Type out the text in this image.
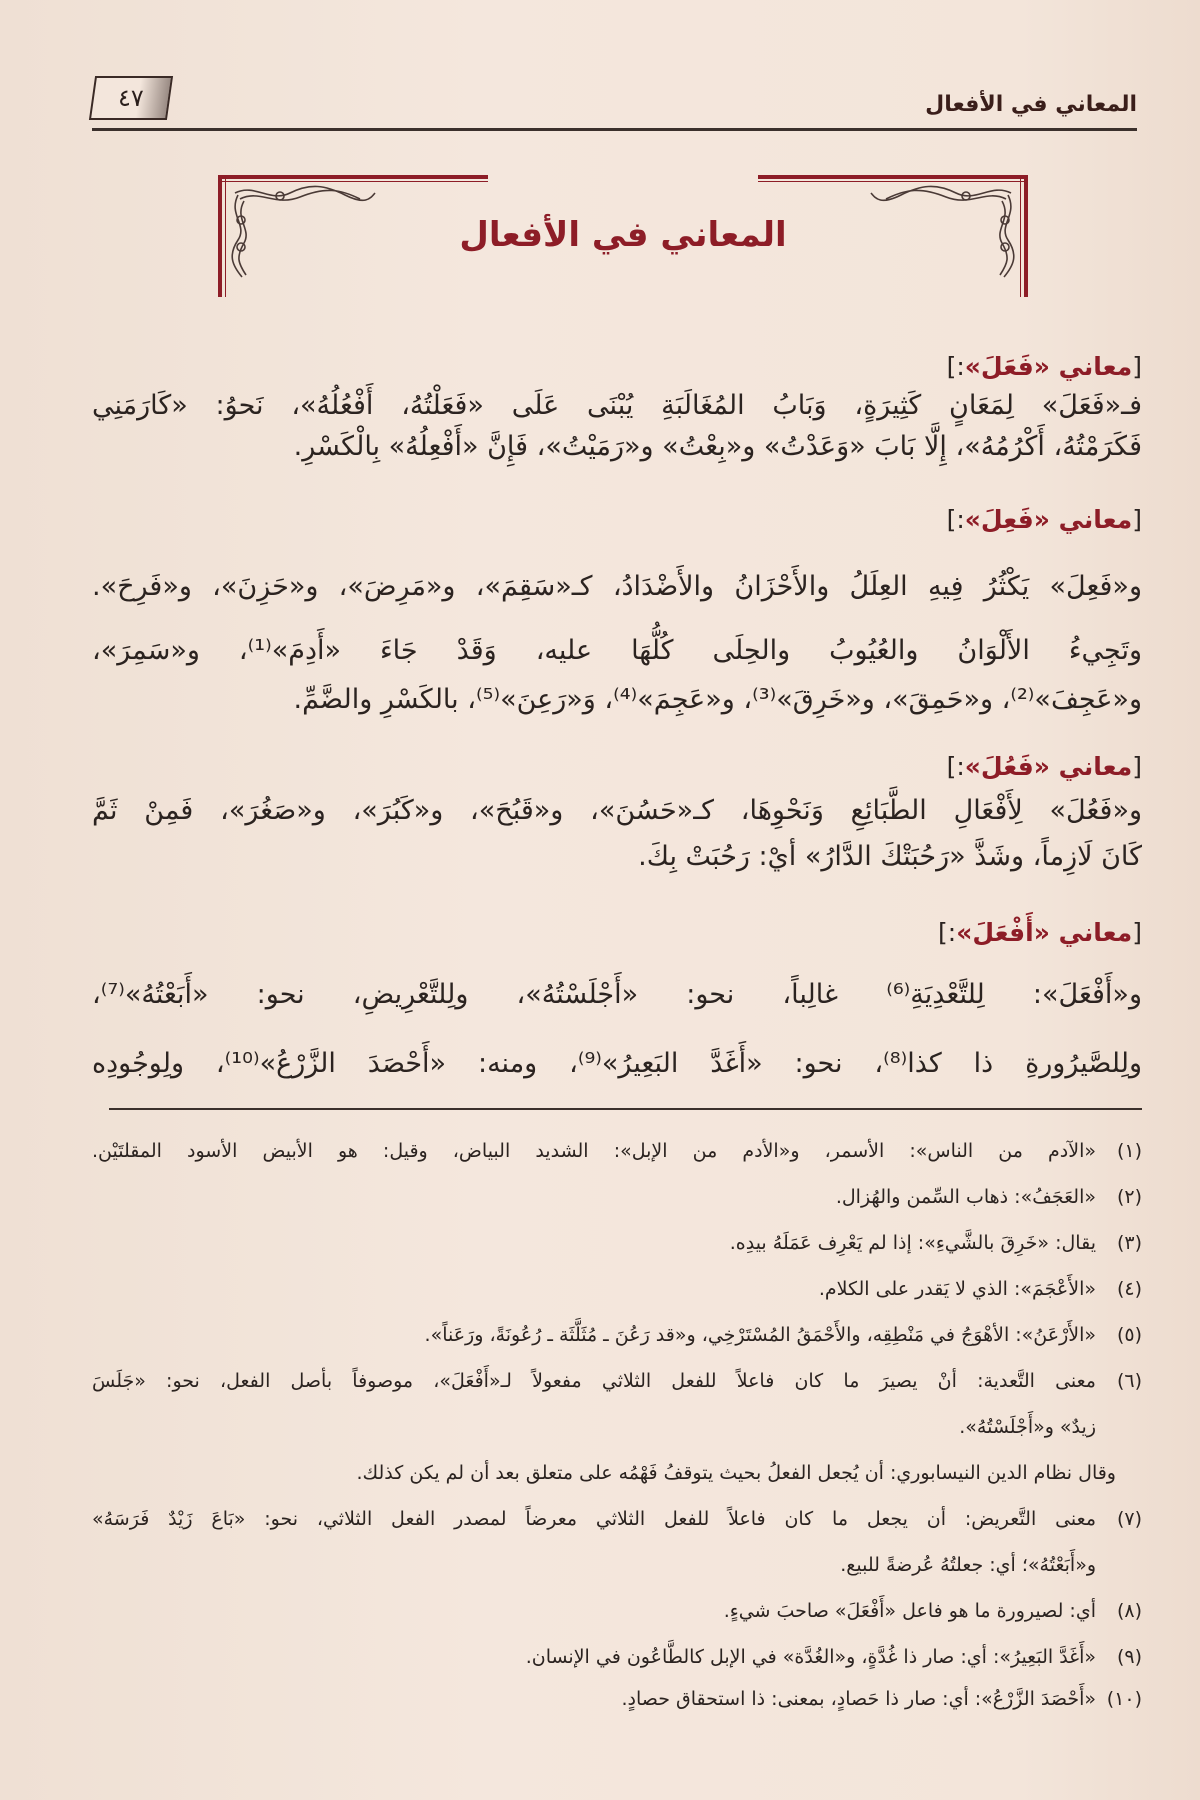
المعاني في الأفعال
٤٧
المعاني في الأفعال
[معاني «فَعَلَ»:]
فـ«فَعَلَ» لِمَعَانٍ كَثِيرَةٍ، وَبَابُ المُغَالَبَةِ يُبْنَى عَلَى «فَعَلْتُهُ، أَفْعُلُهُ»، نَحوُ: «كَارَمَنِي
فَكَرَمْتُهُ، أَكْرُمُهُ»، إِلَّا بَابَ «وَعَدْتُ» و«بِعْتُ» و«رَمَيْتُ»، فَإِنَّ «أَفْعِلُهُ» بِالْكَسْرِ.
[معاني «فَعِلَ»:]
و«فَعِلَ» يَكْثُرُ فِيهِ العِلَلُ والأَحْزَانُ والأَضْدَادُ، كـ«سَقِمَ»، و«مَرِضَ»، و«حَزِنَ»، و«فَرِحَ».
وتَجِيءُ الأَلْوَانُ والعُيُوبُ والحِلَى كُلُّهَا عليه، وَقَدْ جَاءَ «أَدِمَ»⁽¹⁾، و«سَمِرَ»،
و«عَجِفَ»⁽²⁾، و«حَمِقَ»، و«خَرِقَ»⁽³⁾، و«عَجِمَ»⁽⁴⁾، وَ«رَعِنَ»⁽⁵⁾، بالكَسْرِ والضَّمِّ.
[معاني «فَعُلَ»:]
و«فَعُلَ» لِأَفْعَالِ الطَّبَائِعِ وَنَحْوِهَا، كـ«حَسُنَ»، و«قَبُحَ»، و«كَبُرَ»، و«صَغُرَ»، فَمِنْ ثَمَّ
كَانَ لَازِماً، وشَذَّ «رَحُبَتْكَ الدَّارُ» أيْ: رَحُبَتْ بِكَ.
[معاني «أَفْعَلَ»:]
و«أَفْعَلَ»: لِلتَّعْدِيَةِ⁽⁶⁾ غالِباً، نحو: «أَجْلَسْتُهُ»، ولِلتَّعْرِيضِ، نحو: «أَبَعْتُهُ»⁽⁷⁾،
ولِلصَّيرُورةِ ذا كذا⁽⁸⁾، نحو: «أَغَدَّ البَعِيرُ»⁽⁹⁾، ومنه: «أَحْصَدَ الزَّرْعُ»⁽¹⁰⁾، ولِوجُودِه
(١)
«الآدم من الناس»: الأسمر، و«الأدم من الإبل»: الشديد البياض، وقيل: هو الأبيض الأسود المقلتَيْن.
(٢)
«العَجَفُ»: ذهاب السِّمن والهُزال.
(٣)
يقال: «خَرِقَ بالشَّيءِ»: إذا لم يَعْرِف عَمَلَهُ بيدِه.
(٤)
«الأَعْجَمَ»: الذي لا يَقدر على الكلام.
(٥)
«الأَرْعَنُ»: الأهْوَجُ في مَنْطِقِه، والأَحْمَقُ المُسْتَرْخِي، و«قد رَعُنَ ـ مُثَلَّثَة ـ رُعُونَةً، ورَعَناً».
(٦)
معنى التَّعدية: أنْ يصيرَ ما كان فاعلاً للفعل الثلاثي مفعولاً لـ«أَفْعَلَ»، موصوفاً بأصل الفعل، نحو: «جَلَسَ
زيدٌ» و«أَجْلَسْتُهُ».
وقال نظام الدين النيسابوري: أن يُجعل الفعلُ بحيث يتوقفُ فَهْمُه على متعلق بعد أن لم يكن كذلك.
(٧)
معنى التَّعريض: أن يجعل ما كان فاعلاً للفعل الثلاثي معرضاً لمصدر الفعل الثلاثي، نحو: «بَاعَ زَيْدٌ فَرَسَهُ»
و«أَبَعْتُهُ»؛ أي: جعلتُهُ عُرضةً للبيع.
(٨)
أي: لصيرورة ما هو فاعل «أَفْعَلَ» صاحبَ شيءٍ.
(٩)
«أَغَدَّ البَعِيرُ»: أي: صار ذا غُدَّةٍ، و«الغُدَّة» في الإبل كالطَّاعُون في الإنسان.
(١٠)
«أَحْصَدَ الزَّرْعُ»: أي: صار ذا حَصادٍ، بمعنى: ذا استحقاق حصادٍ.
